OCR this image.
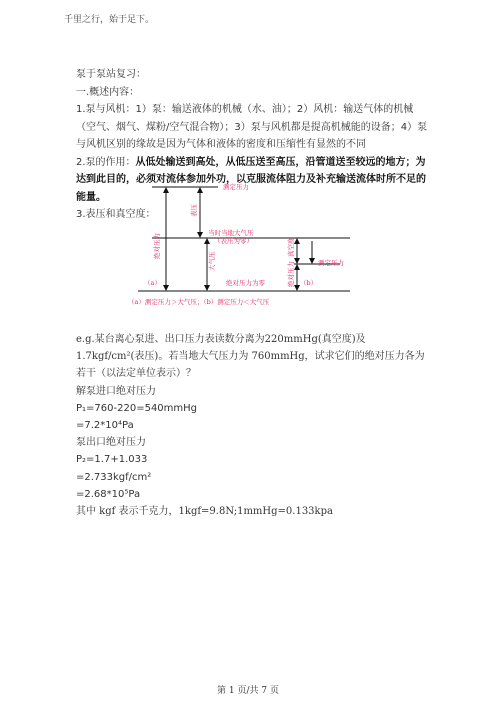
千里之行，始于足下。

泵于泵站复习：

一.概述内容：

1.泵与风机：1）泵：输送液体的机械（水、油）；2）风机：输送气体的机械（空气、烟气、煤粉/空气混合物）；3）泵与风机都是提高机械能的设备；4）泵与风机区别的缘故是因为气体和液体的密度和压缩性有显然的不同

2.泵的作用：从低处输送到高处，从低压送至高压，沿管道送至较远的地方；为达到此目的，必须对流体参加外功，以克服流体阻力及补充输送流体时所不足的能量。

3.表压和真空度：

测定压力
测定压力
当时当地大气压
（表压为零）
绝对压力为零
（a）	（b）
（a）测定压力＞大气压；（b）测定压力＜大气压
绝对压力
表压
大气压
真空度
绝对压力

e.g.某台离心泵进、出口压力表读数分离为220mmHg(真空度)及1.7kgf/cm²(表压)。若当地大气压力为 760mmHg，试求它们的绝对压力各为若干（以法定单位表示）？

解泵进口绝对压力

P₁=760-220=540mmHg

=7.2*10⁴Pa

泵出口绝对压力

P₂=1.7+1.033

=2.733kgf/cm²

=2.68*10⁵Pa

其中 kgf 表示千克力，1kgf=9.8N;1mmHg=0.133kpa

第 1 页/共 7 页
